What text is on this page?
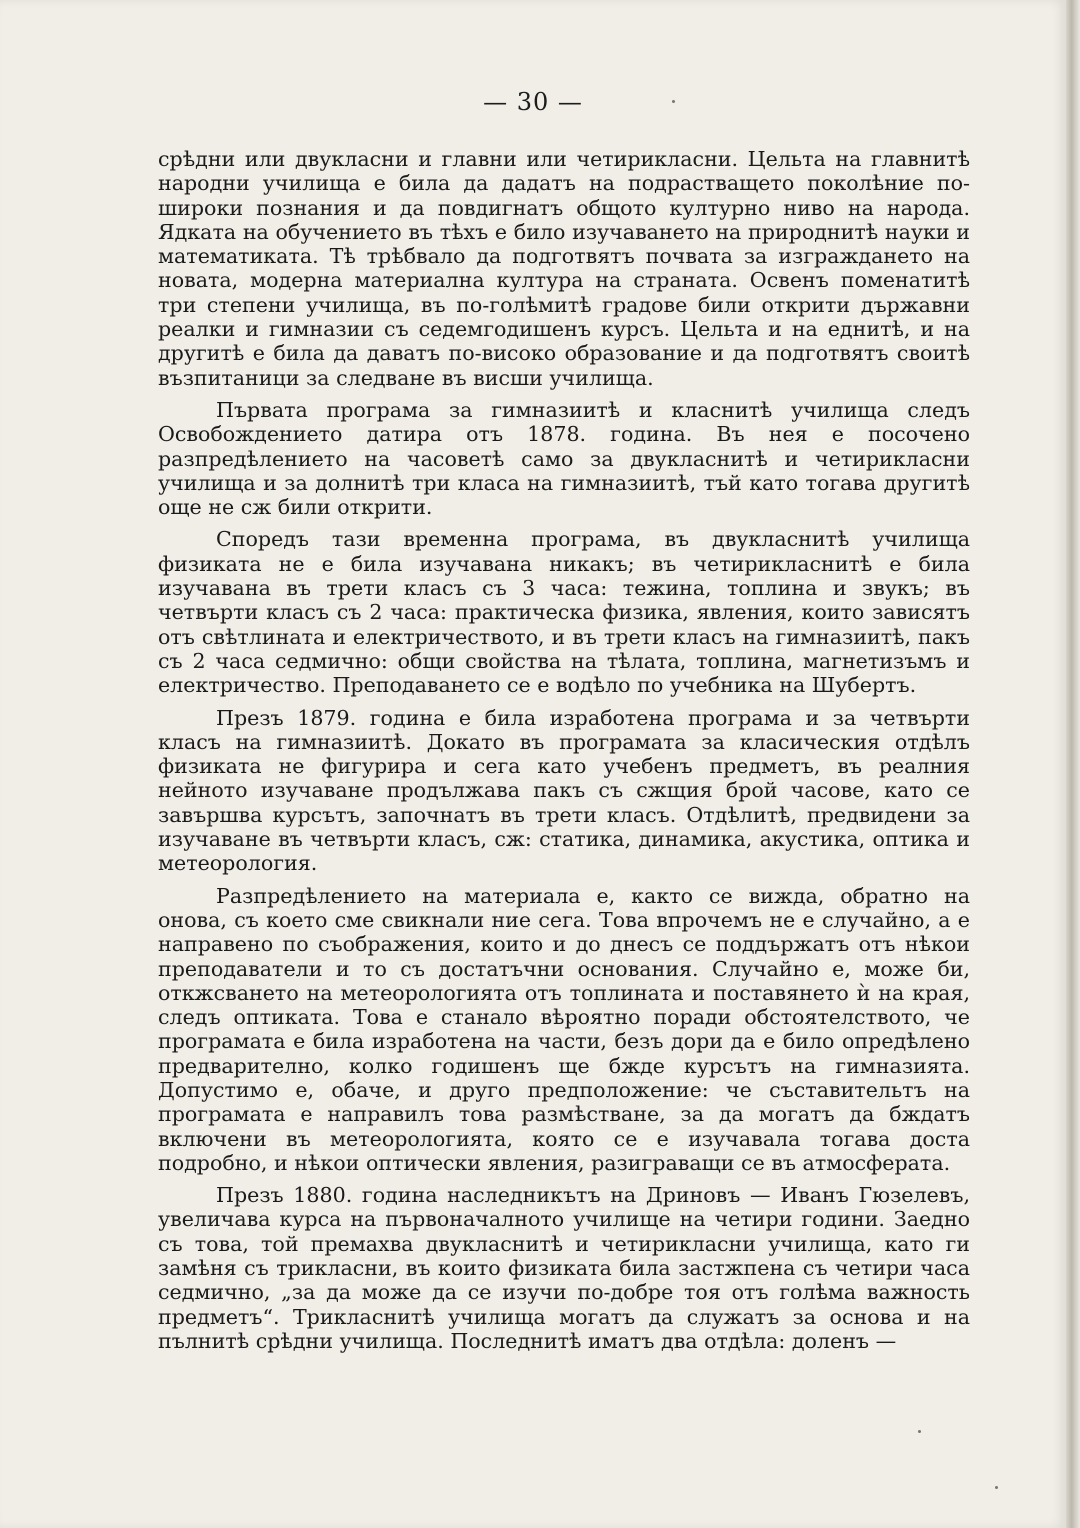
— 30 —

срѣдни или двукласни и главни или четирикласни. Цельта на главнитѣ народни училища е била да дадатъ на подрастващето поколѣние по-широки познания и да повдигнатъ общото културно ниво на народа. Ядката на обучението въ тѣхъ е било изучаването на природнитѣ науки и математиката. Тѣ трѣбвало да подготвятъ почвата за изграждането на новата, модерна материална култура на страната. Освенъ поменатитѣ три степени училища, въ по-голѣмитѣ градове били открити държавни реалки и гимназии съ седемгодишенъ курсъ. Цельта и на еднитѣ, и на другитѣ е била да даватъ по-високо образование и да подготвятъ своитѣ възпитаници за следване въ висши училища.

Първата програма за гимназиитѣ и класнитѣ училища следъ Освобождението датира отъ 1878. година. Въ нея е посочено разпредѣлението на часоветѣ само за двукласнитѣ и четирикласни училища и за долнитѣ три класа на гимназиитѣ, тъй като тогава другитѣ още не сж били открити.

Споредъ тази временна програма, въ двукласнитѣ училища физиката не е била изучавана никакъ; въ четирикласнитѣ е била изучавана въ трети класъ съ 3 часа: тежина, топлина и звукъ; въ четвърти класъ съ 2 часа: практическа физика, явления, които зависятъ отъ свѣтлината и електричеството, и въ трети класъ на гимназиитѣ, пакъ съ 2 часа седмично: общи свойства на тѣлата, топлина, магнетизъмъ и електричество. Преподаването се е водѣло по учебника на Шубертъ.

Презъ 1879. година е била изработена програма и за четвърти класъ на гимназиитѣ. Докато въ програмата за класическия отдѣлъ физиката не фигурира и сега като учебенъ предметъ, въ реалния нейното изучаване продължава пакъ съ сжщия брой часове, като се завършва курсътъ, започнатъ въ трети класъ. Отдѣлитѣ, предвидени за изучаване въ четвърти класъ, сж: статика, динамика, акустика, оптика и метеорология.

Разпредѣлението на материала е, както се вижда, обратно на онова, съ което сме свикнали ние сега. Това впрочемъ не е случайно, а е направено по съображения, които и до днесъ се поддържатъ отъ нѣкои преподаватели и то съ достатъчни основания. Случайно е, може би, откжсването на метеорологията отъ топлината и поставянето ѝ на края, следъ оптиката. Това е станало вѣроятно поради обстоятелството, че програмата е била изработена на части, безъ дори да е било опредѣлено предварително, колко годишенъ ще бжде курсътъ на гимназията. Допустимо е, обаче, и друго предположение: че съставительтъ на програмата е направилъ това размѣстване, за да могатъ да бждатъ включени въ метеорологията, която се е изучавала тогава доста подробно, и нѣкои оптически явления, разиграващи се въ атмосферата.

Презъ 1880. година наследникътъ на Дриновъ — Иванъ Гюзелевъ, увеличава курса на първоначалното училище на четири години. Заедно съ това, той премахва двукласнитѣ и четирикласни училища, като ги замѣня съ трикласни, въ които физиката била застжпена съ четири часа седмично, „за да може да се изучи по-добре тоя отъ голѣма важность предметъ“. Трикласнитѣ училища могатъ да служатъ за основа и на пълнитѣ срѣдни училища. Последнитѣ иматъ два отдѣла: доленъ —
